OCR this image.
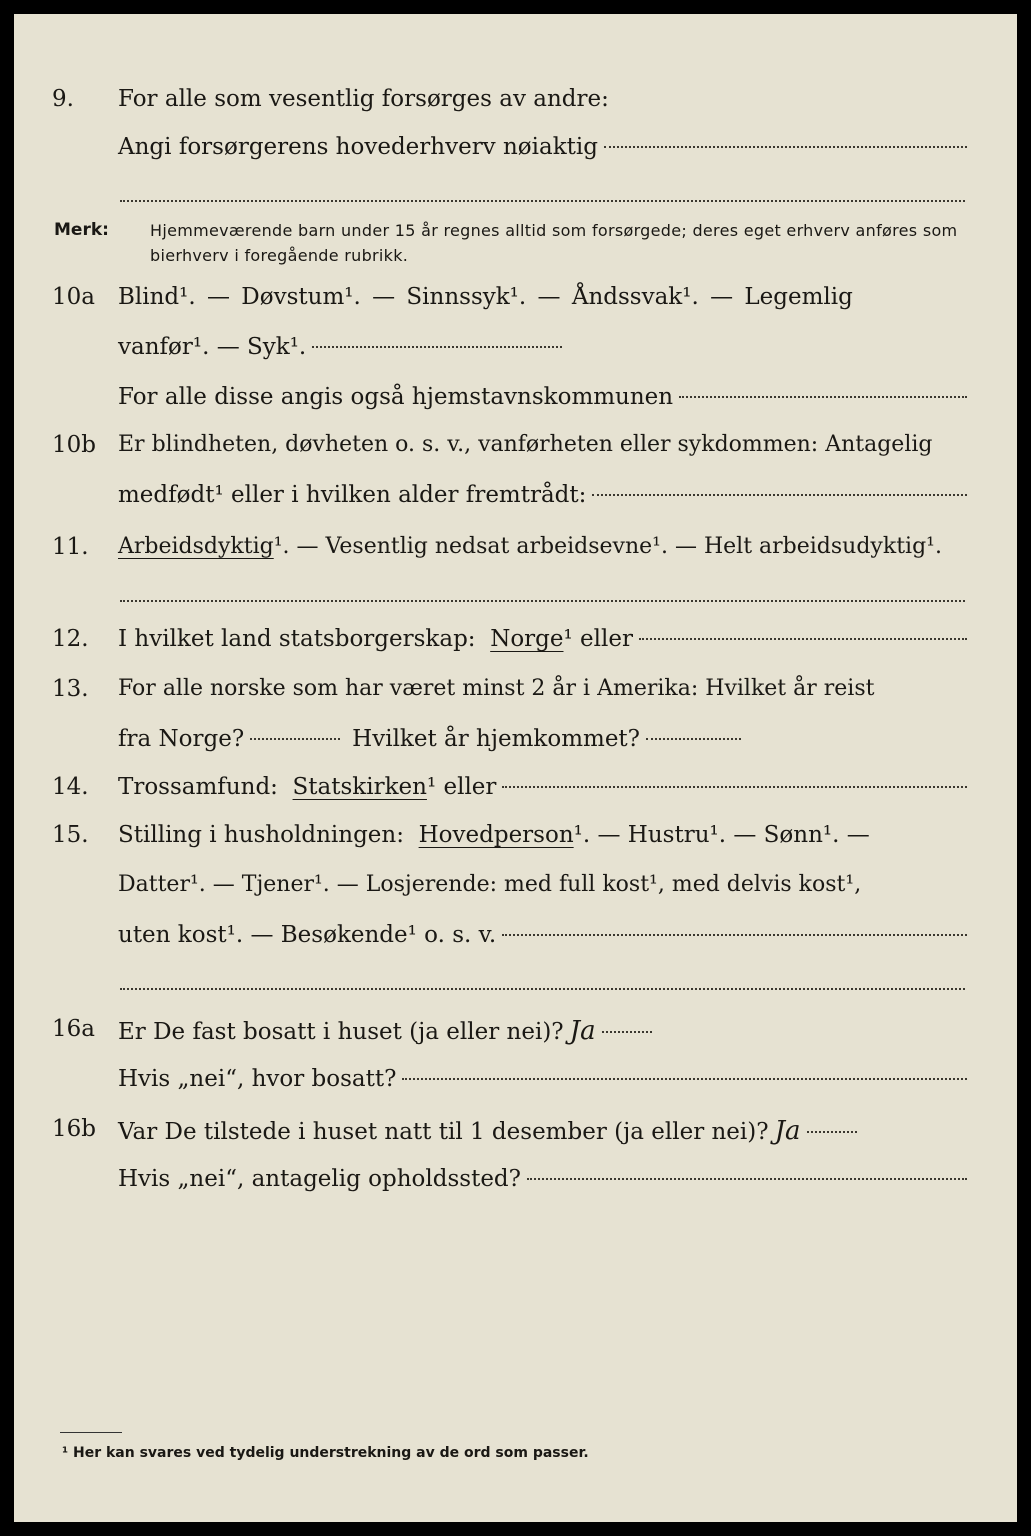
9.	For alle som vesentlig forsørges av andre:
Angi forsørgerens hovederhverv nøiaktig
Merk:	Hjemmeværende barn under 15 år regnes alltid som forsørgede; deres eget erhverv anføres som bierhverv i foregående rubrikk.
10a	Blind¹. — Døvstum¹. — Sinnssyk¹. — Åndssvak¹. — Legemlig
vanfør¹. — Syk¹.
For alle disse angis også hjemstavnskommunen
10b	Er blindheten, døvheten o. s. v., vanførheten eller sykdommen: Antagelig
medfødt¹ eller i hvilken alder fremtrådt:
11.	Arbeidsdyktig ¹. — Vesentlig nedsat arbeidsevne¹. — Helt arbeidsudyktig¹.
12.	I hvilket land statsborgerskap:
Norge ¹ eller
13.	For alle norske som har været minst 2 år i Amerika: Hvilket år reist
fra Norge?	Hvilket år hjemkommet?
14.	Trossamfund:
Statskirken ¹ eller
15.	Stilling i husholdningen:
Hovedperson ¹. — Hustru¹. — Sønn¹. —
Datter¹. — Tjener¹. — Losjerende: med full kost¹, med delvis kost¹,
uten kost¹. — Besøkende¹ o. s. v.
16a	Er De fast bosatt i huset (ja eller nei)? Ja
Hvis „nei“, hvor bosatt?
16b Var De tilstede i huset natt til 1 desember (ja eller nei)? Ja
Hvis „nei“, antagelig opholdssted?
¹ Her kan svares ved tydelig understrekning av de ord som passer.
